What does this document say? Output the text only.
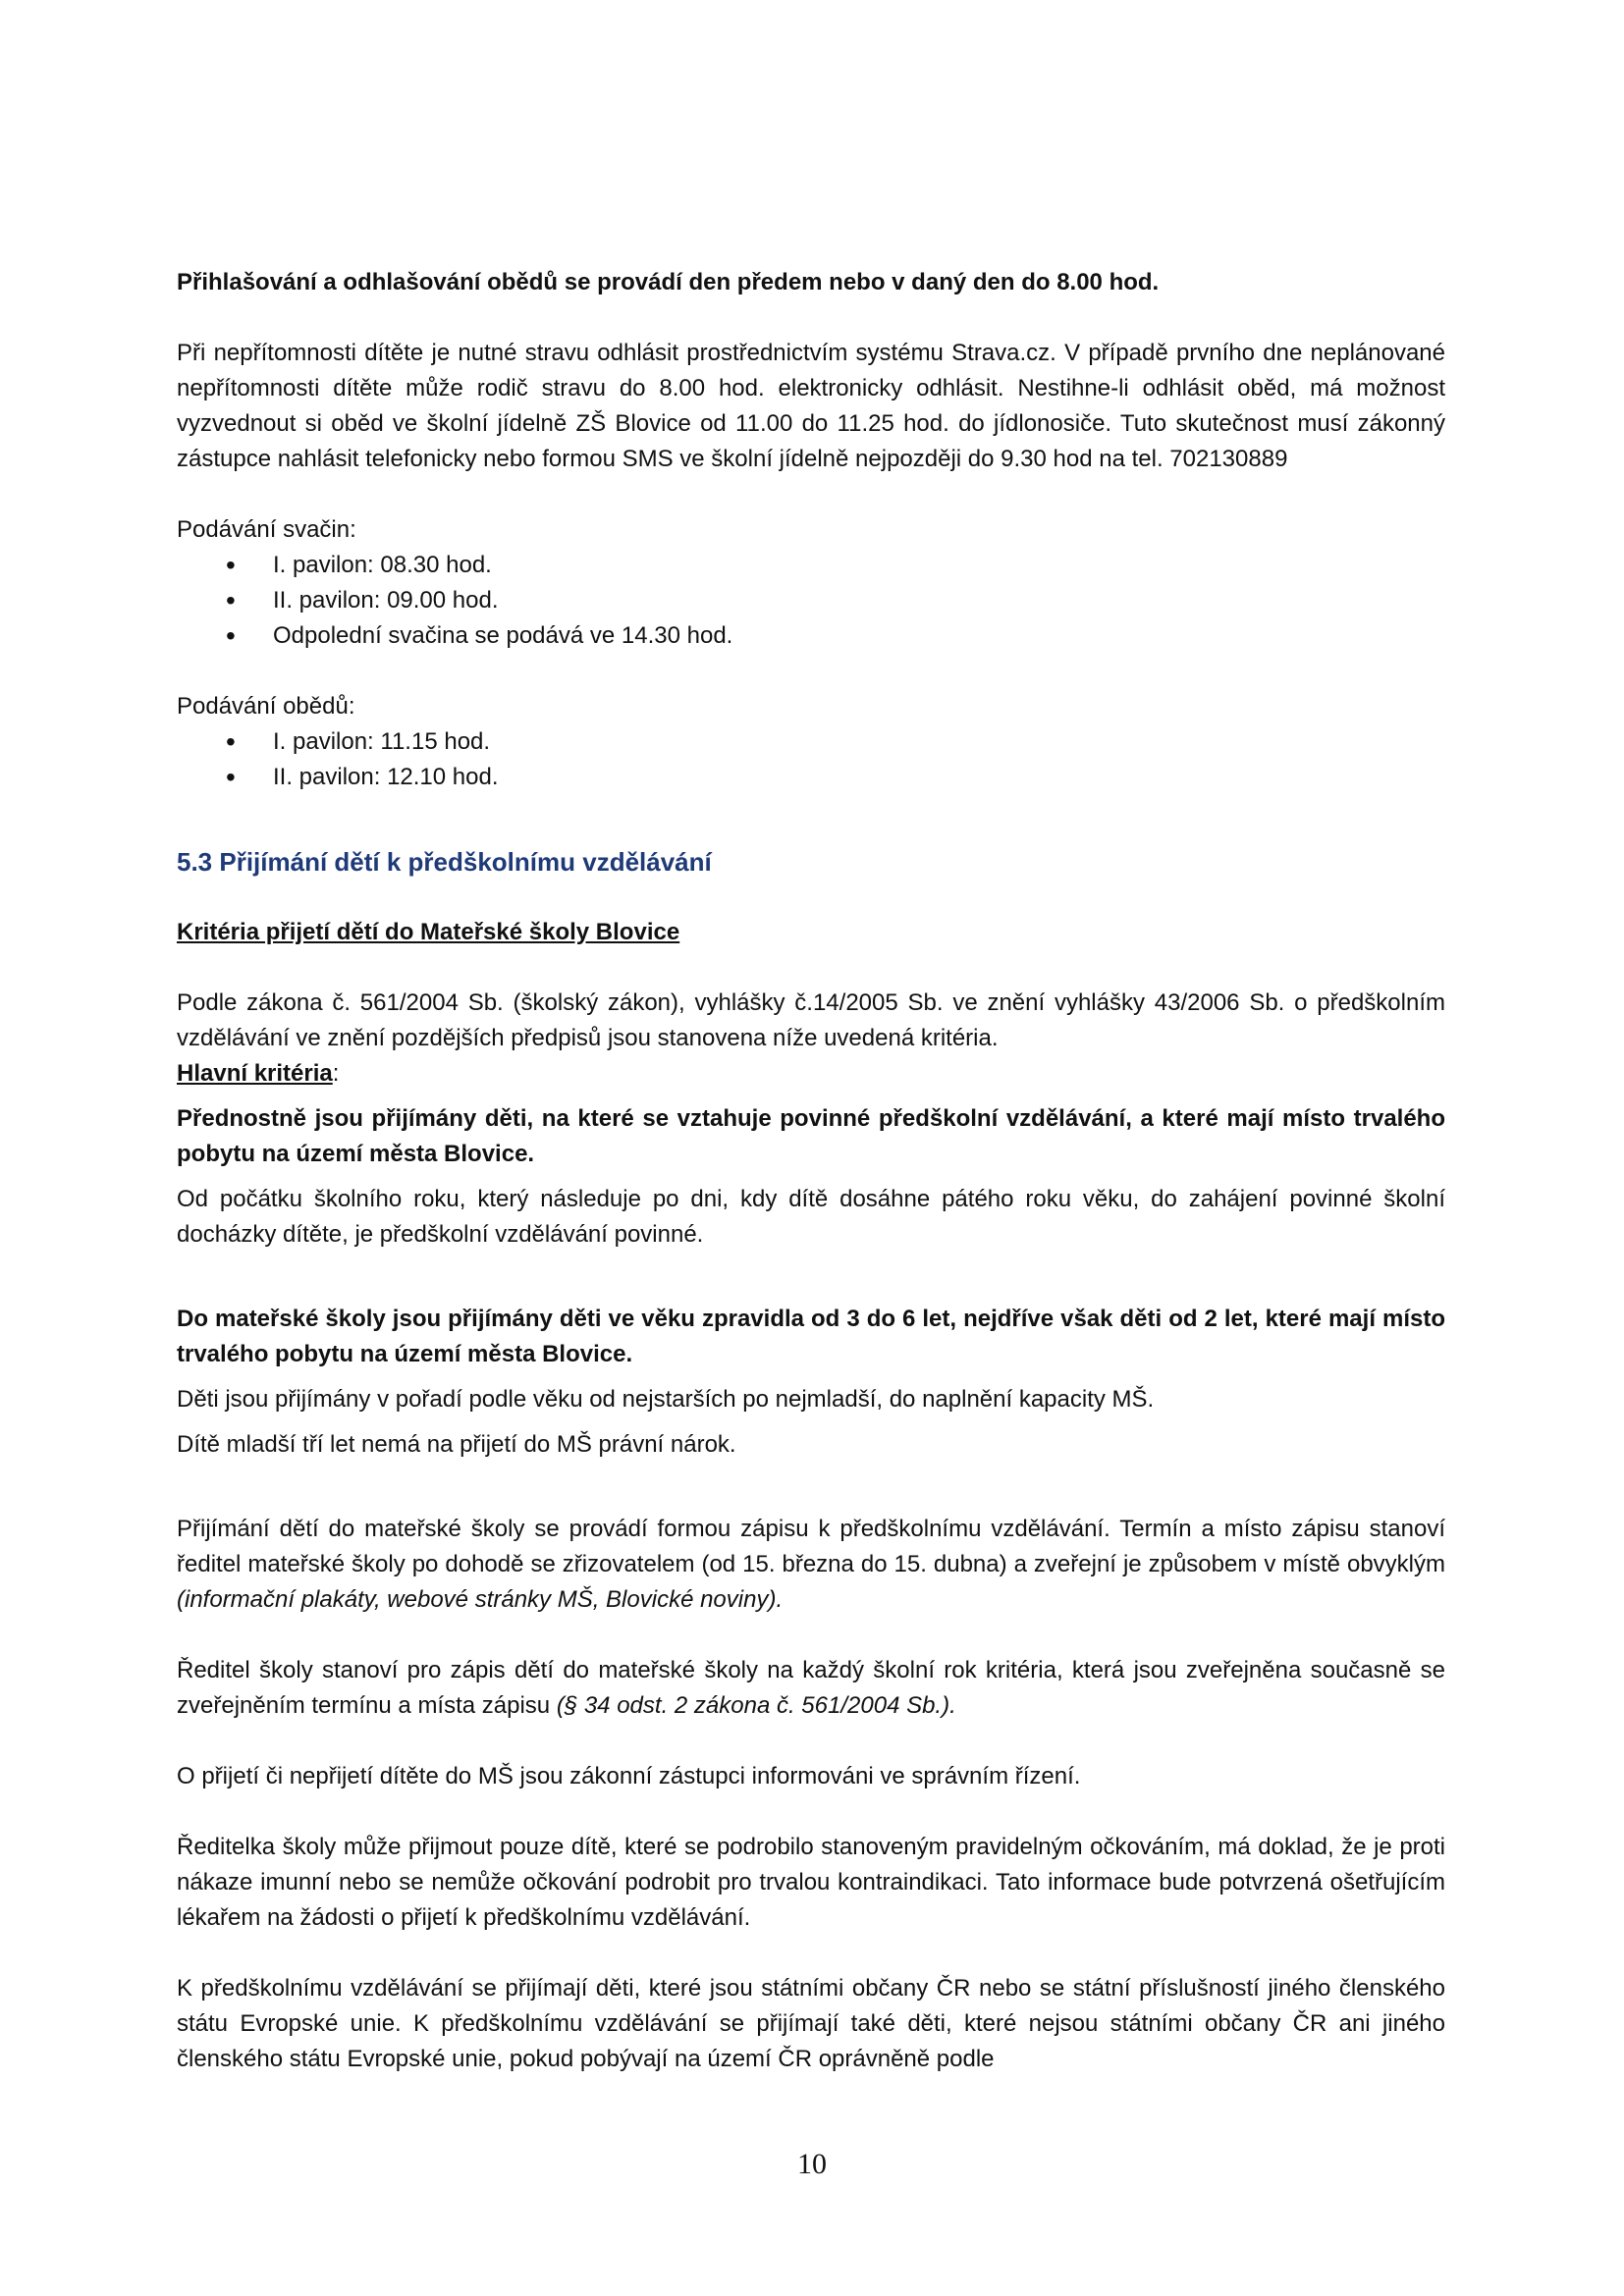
Přihlašování a odhlašování obědů se provádí den předem nebo v daný den do 8.00 hod.

Při nepřítomnosti dítěte je nutné stravu odhlásit prostřednictvím systému Strava.cz. V případě prvního dne neplánované nepřítomnosti dítěte může rodič stravu do 8.00 hod. elektronicky odhlásit. Nestihne-li odhlásit oběd, má možnost vyzvednout si oběd ve školní jídelně ZŠ Blovice od 11.00 do 11.25 hod. do jídlonosiče. Tuto skutečnost musí zákonný zástupce nahlásit telefonicky nebo formou SMS ve školní jídelně nejpozději do 9.30 hod na tel. 702130889

Podávání svačin:

• I. pavilon: 08.30 hod.
• II. pavilon: 09.00 hod.
• Odpolední svačina se podává ve 14.30 hod.

Podávání obědů:

• I. pavilon: 11.15 hod.
• II. pavilon: 12.10 hod.

5.3 Přijímání dětí k předškolnímu vzdělávání

Kritéria přijetí dětí do Mateřské školy Blovice

Podle zákona č. 561/2004 Sb. (školský zákon), vyhlášky č.14/2005 Sb. ve znění vyhlášky 43/2006 Sb. o předškolním vzdělávání ve znění pozdějších předpisů jsou stanovena níže uvedená kritéria.

Hlavní kritéria:

Přednostně jsou přijímány děti, na které se vztahuje povinné předškolní vzdělávání, a které mají místo trvalého pobytu na území města Blovice.

Od počátku školního roku, který následuje po dni, kdy dítě dosáhne pátého roku věku, do zahájení povinné školní docházky dítěte, je předškolní vzdělávání povinné.

Do mateřské školy jsou přijímány děti ve věku zpravidla od 3 do 6 let, nejdříve však děti od 2 let, které mají místo trvalého pobytu na území města Blovice.

Děti jsou přijímány v pořadí podle věku od nejstarších po nejmladší, do naplnění kapacity MŠ.

Dítě mladší tří let nemá na přijetí do MŠ právní nárok.

Přijímání dětí do mateřské školy se provádí formou zápisu k předškolnímu vzdělávání. Termín a místo zápisu stanoví ředitel mateřské školy po dohodě se zřizovatelem (od 15. března do 15. dubna) a zveřejní je způsobem v místě obvyklým (informační plakáty, webové stránky MŠ, Blovické noviny).

Ředitel školy stanoví pro zápis dětí do mateřské školy na každý školní rok kritéria, která jsou zveřejněna současně se zveřejněním termínu a místa zápisu (§ 34 odst. 2 zákona č. 561/2004 Sb.).

O přijetí či nepřijetí dítěte do MŠ jsou zákonní zástupci informováni ve správním řízení.

Ředitelka školy může přijmout pouze dítě, které se podrobilo stanoveným pravidelným očkováním, má doklad, že je proti nákaze imunní nebo se nemůže očkování podrobit pro trvalou kontraindikaci. Tato informace bude potvrzená ošetřujícím lékařem na žádosti o přijetí k předškolnímu vzdělávání.

K předškolnímu vzdělávání se přijímají děti, které jsou státními občany ČR nebo se státní příslušností jiného členského státu Evropské unie. K předškolnímu vzdělávání se přijímají také děti, které nejsou státními občany ČR ani jiného členského státu Evropské unie, pokud pobývají na území ČR oprávněně podle

10
